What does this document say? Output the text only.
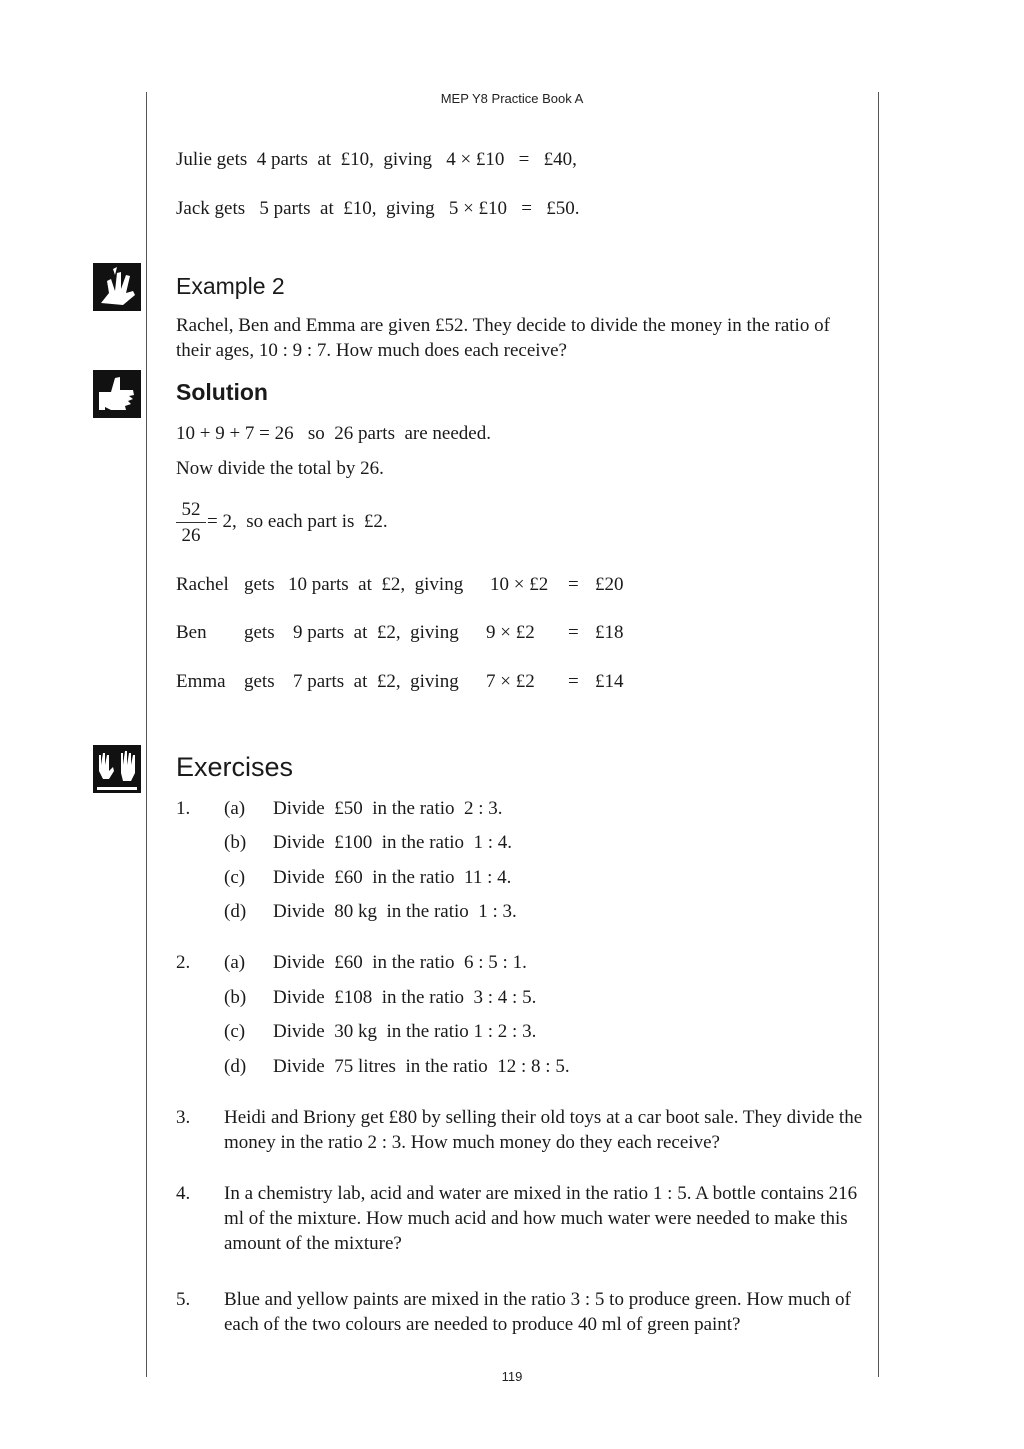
MEP Y8 Practice Book A
Julie gets  4 parts  at  £10,  giving   4 × £10   =   £40,
Jack gets   5 parts  at  £10,  giving   5 × £10   =   £50.
Example 2
Rachel, Ben and Emma are given £52. They decide to divide the money in the ratio of their ages, 10 : 9 : 7. How much does each receive?
Solution
10 + 9 + 7 = 26   so  26 parts  are needed.
Now divide the total by 26.
$\frac{52}{26} = 2$,  so each part is  £2.
Rachel gets 10 parts  at  £2,  giving 10 × £2 = £20
Ben gets 9 parts  at  £2,  giving 9 × £2 = £18
Emma gets 7 parts  at  £2,  giving 7 × £2 = £14
Exercises
1. (a) Divide  £50  in the ratio  2 : 3.
(b) Divide  £100  in the ratio  1 : 4.
(c) Divide  £60  in the ratio  11 : 4.
(d) Divide  80 kg  in the ratio  1 : 3.
2. (a) Divide  £60  in the ratio  6 : 5 : 1.
(b) Divide  £108  in the ratio  3 : 4 : 5.
(c) Divide  30 kg  in the ratio 1 : 2 : 3.
(d) Divide  75 litres  in the ratio  12 : 8 : 5.
3. Heidi and Briony get £80 by selling their old toys at a car boot sale. They divide the money in the ratio 2 : 3. How much money do they each receive?
4. In a chemistry lab, acid and water are mixed in the ratio 1 : 5. A bottle contains 216 ml of the mixture. How much acid and how much water were needed to make this amount of the mixture?
5. Blue and yellow paints are mixed in the ratio 3 : 5 to produce green. How much of each of the two colours are needed to produce 40 ml of green paint?
119
